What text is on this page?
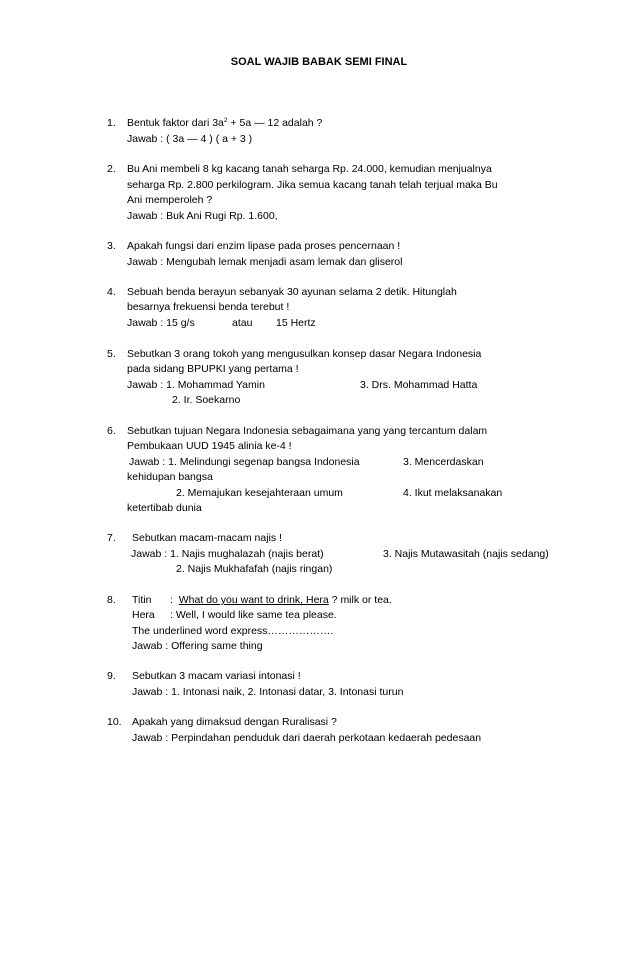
SOAL WAJIB BABAK SEMI FINAL
1. Bentuk faktor dari $3a^2 + 5a$ — 12 adalah ?
Jawab : ( 3a — 4 ) ( a + 3 )
2. Bu Ani membeli 8 kg kacang tanah seharga Rp. 24.000, kemudian menjualnya
seharga Rp. 2.800 perkilogram. Jika semua kacang tanah telah terjual maka Bu
Ani memperoleh ?
Jawab : Buk Ani Rugi Rp. 1.600,
3. Apakah fungsi dari enzim lipase pada proses pencernaan !
Jawab : Mengubah lemak menjadi asam lemak dan gliserol
4. Sebuah benda berayun sebanyak 30 ayunan selama 2 detik. Hitunglah
besarnya frekuensi benda terebut !
Jawab : 15 g/s	atau 15 Hertz
5. Sebutkan 3 orang tokoh yang mengusulkan konsep dasar Negara Indonesia
pada sidang BPUPKI yang pertama !
Jawab : 1. Mohammad Yamin	3. Drs. Mohammad Hatta
2. Ir. Soekarno
6. Sebutkan tujuan Negara Indonesia sebagaimana yang yang tercantum dalam
Pembukaan UUD 1945 alinia ke-4 !
Jawab : 1. Melindungi segenap bangsa Indonesia	3. Mencerdaskan
kehidupan bangsa
2. Memajukan kesejahteraan umum	4. Ikut melaksanakan
ketertibab dunia
7. Sebutkan macam-macam najis !
Jawab : 1. Najis mughalazah (najis berat)	3. Najis Mutawasitah (najis sedang)
2. Najis Mukhafafah (najis ringan)
8. Titin : What do you want to drink, Hera ? milk or tea.
Hera : Well, I would like same tea please.
The underlined word express……………….
Jawab : Offering same thing
9. Sebutkan 3 macam variasi intonasi !
Jawab : 1. Intonasi naik, 2. Intonasi datar, 3. Intonasi turun
10. Apakah yang dimaksud dengan Ruralisasi ?
Jawab : Perpindahan penduduk dari daerah perkotaan kedaerah pedesaan
